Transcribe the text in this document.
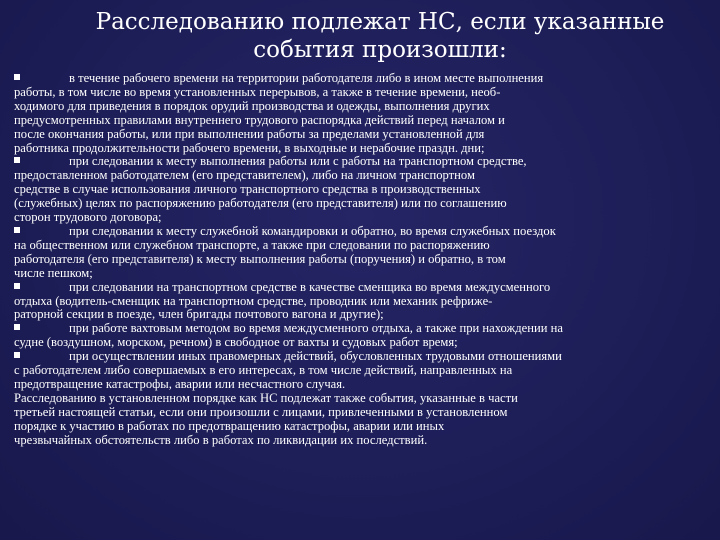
Расследованию подлежат НС, если указанные события произошли:
в течение рабочего времени на территории работодателя либо в ином месте выполнения
работы, в том числе во время установленных перерывов, а также в течение времени, необ-
ходимого для приведения в порядок орудий производства и одежды, выполнения других
предусмотренных правилами внутреннего трудового распорядка действий перед началом и
после окончания работы, или при выполнении работы за пределами установленной для
работника продолжительности рабочего времени, в выходные и нерабочие праздн. дни;
при следовании к месту выполнения работы или с работы на транспортном средстве,
предоставленном работодателем (его представителем), либо на личном транспортном
средстве в случае использования личного транспортного средства в производственных
(служебных) целях по распоряжению работодателя (его представителя) или по соглашению
сторон трудового договора;
при следовании к месту служебной командировки и обратно, во время служебных поездок
на общественном или служебном транспорте, а также при следовании по распоряжению
работодателя (его представителя) к месту выполнения работы (поручения) и обратно, в том
числе пешком;
при следовании на транспортном средстве в качестве сменщика во время междусменного
отдыха (водитель-сменщик на транспортном средстве, проводник или механик рефриже-
раторной секции в поезде, член бригады почтового вагона и другие);
при работе вахтовым методом во время междусменного отдыха, а также при нахождении на
судне (воздушном, морском, речном) в свободное от вахты и судовых работ время;
при осуществлении иных правомерных действий, обусловленных трудовыми отношениями
с работодателем либо совершаемых в его интересах, в том числе действий, направленных на
предотвращение катастрофы, аварии или несчастного случая.

Расследованию в установленном порядке как НС подлежат также события, указанные в части
третьей настоящей статьи, если они произошли с лицами, привлеченными в установленном
порядке к участию в работах по предотвращению катастрофы, аварии или иных
чрезвычайных обстоятельств либо в работах по ликвидации их последствий.
